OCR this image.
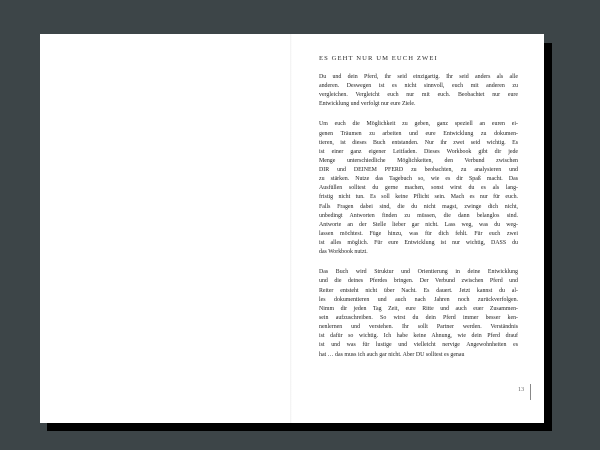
ES GEHT NUR UM EUCH ZWEI
Du und dein Pferd, ihr seid einzigartig. Ihr seid anders als alle
anderen. Deswegen ist es nicht sinnvoll, euch mit anderen zu
vergleichen. Vergleicht euch nur mit euch. Beobachtet nur eure
Entwicklung und verfolgt nur eure Ziele.
Um euch die Möglichkeit zu geben, ganz speziell an euren ei-
genen Träumen zu arbeiten und eure Entwicklung zu dokumen-
tieren, ist dieses Buch entstanden. Nur ihr zwei seid wichtig. Es
ist einer ganz eigener Leitfaden. Dieses Workbook gibt dir jede
Menge unterschiedliche Möglichkeiten, den Verbund zwischen
DIR und DEINEM PFERD zu beobachten, zu analysieren und
zu stärken. Nutze das Tagebuch so, wie es dir Spaß macht. Das
Ausfüllen solltest du gerne machen, sonst wirst du es als lang-
fristig nicht tun. Es soll keine Pflicht sein. Mach es nur für euch.
Falls Fragen dabei sind, die du nicht magst, zwinge dich nicht,
unbedingt Antworten finden zu müssen, die dann belanglos sind.
Antworte an der Stelle lieber gar nicht. Lass weg, was du weg-
lassen möchtest. Füge hinzu, was für dich fehlt. Für euch zwei
ist alles möglich. Für eure Entwicklung ist nur wichtig, DASS du
das Workbook nutzt.
Das Buch wird Struktur und Orientierung in deine Entwicklung
und die deines Pferdes bringen. Der Verbund zwischen Pferd und
Reiter entsteht nicht über Nacht. Es dauert. Jetzt kannst du al-
les dokumentieren und auch nach Jahren noch zurückverfolgen.
Nimm dir jeden Tag Zeit, eure Ritte und auch euer Zusammen-
sein aufzuschreiben. So wirst du dein Pferd immer besser ken-
nenlernen und verstehen. Ihr sollt Partner werden. Verständnis
ist dafür so wichtig. Ich habe keine Ahnung, wie dein Pferd drauf
ist und was für lustige und vielleicht nervige Angewohnheiten es
hat … das muss ich auch gar nicht. Aber DU solltest es genau
13
